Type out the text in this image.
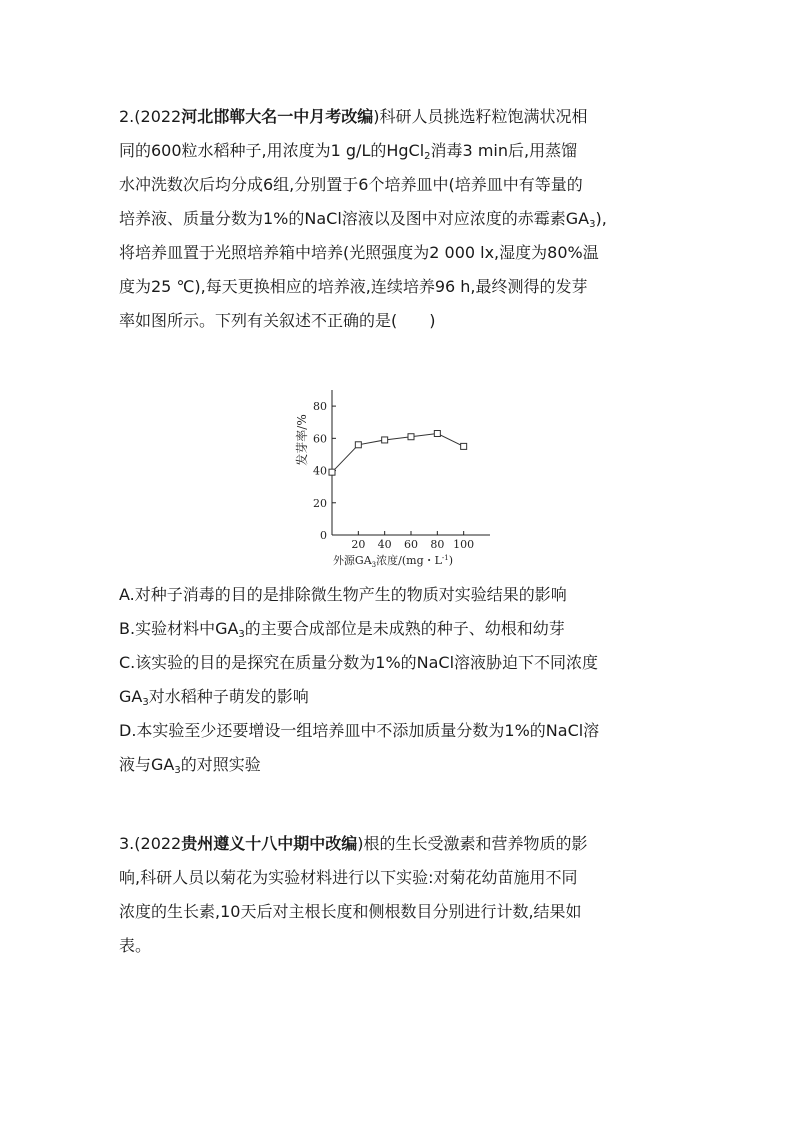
2.(2022河北邯郸大名一中月考改编)科研人员挑选籽粒饱满状况相
同的600粒水稻种子,用浓度为1 g/L的HgCl$_2$消毒3 min后,用蒸馏
水冲洗数次后均分成6组,分别置于6个培养皿中(培养皿中有等量的
培养液、质量分数为1%的NaCl溶液以及图中对应浓度的赤霉素$GA_3$),
将培养皿置于光照培养箱中培养(光照强度为2 000 lx,湿度为80%温
度为25 ℃),每天更换相应的培养液,连续培养96 h,最终测得的发芽
率如图所示。下列有关叙述不正确的是(　　)
20 40 60 80 100
0
20
40
60
80
发芽率/%
外源$GA_3$浓度/(mg・$L^{-1}$)
A.对种子消毒的目的是排除微生物产生的物质对实验结果的影响
B.实验材料中$GA_3$的主要合成部位是未成熟的种子、幼根和幼芽
C.该实验的目的是探究在质量分数为1%的NaCl溶液胁迫下不同浓度
$GA_3$对水稻种子萌发的影响
D.本实验至少还要增设一组培养皿中不添加质量分数为1%的NaCl溶
液与$GA_3$的对照实验
3.(2022贵州遵义十八中期中改编)根的生长受激素和营养物质的影
响,科研人员以菊花为实验材料进行以下实验:对菊花幼苗施用不同
浓度的生长素,10天后对主根长度和侧根数目分别进行计数,结果如
表。
